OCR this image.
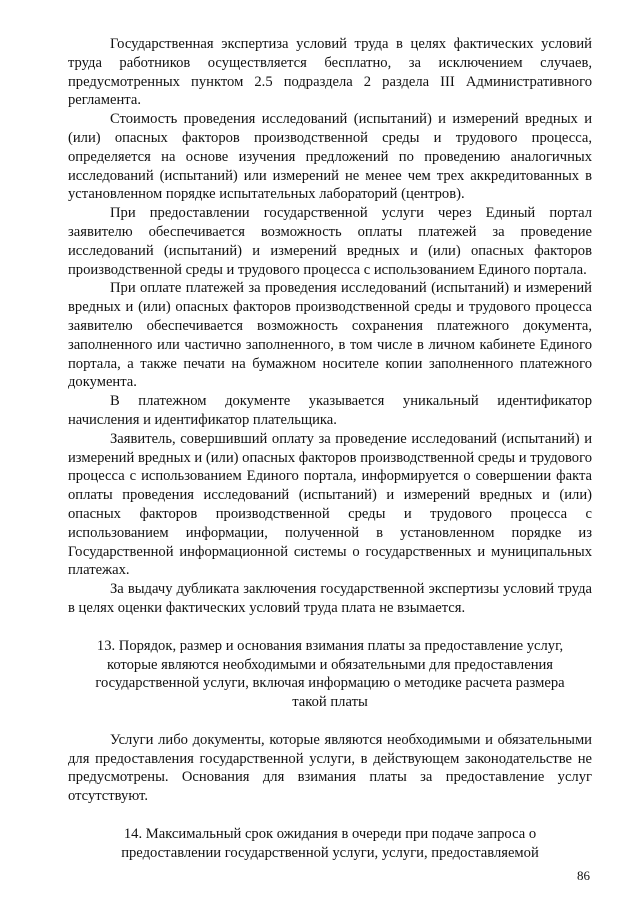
Государственная экспертиза условий труда в целях фактических условий труда работников осуществляется бесплатно, за исключением случаев, предусмотренных пунктом 2.5 подраздела 2 раздела III Административного регламента.

Стоимость проведения исследований (испытаний) и измерений вредных и (или) опасных факторов производственной среды и трудового процесса, определяется на основе изучения предложений по проведению аналогичных исследований (испытаний) или измерений не менее чем трех аккредитованных в установленном порядке испытательных лабораторий (центров).

При предоставлении государственной услуги через Единый портал заявителю обеспечивается возможность оплаты платежей за проведение исследований (испытаний) и измерений вредных и (или) опасных факторов производственной среды и трудового процесса с использованием Единого портала.

При оплате платежей за проведения исследований (испытаний) и измерений вредных и (или) опасных факторов производственной среды и трудового процесса заявителю обеспечивается возможность сохранения платежного документа, заполненного или частично заполненного, в том числе в личном кабинете Единого портала, а также печати на бумажном носителе копии заполненного платежного документа.

В платежном документе указывается уникальный идентификатор начисления и идентификатор плательщика.

Заявитель, совершивший оплату за проведение исследований (испытаний) и измерений вредных и (или) опасных факторов производственной среды и трудового процесса с использованием Единого портала, информируется о совершении факта оплаты проведения исследований (испытаний) и измерений вредных и (или) опасных факторов производственной среды и трудового процесса с использованием информации, полученной в установленном порядке из Государственной информационной системы о государственных и муниципальных платежах.

За выдачу дубликата заключения государственной экспертизы условий труда в целях оценки фактических условий труда плата не взымается.

13. Порядок, размер и основания взимания платы за предоставление услуг, которые являются необходимыми и обязательными для предоставления государственной услуги, включая информацию о методике расчета размера такой платы

Услуги либо документы, которые являются необходимыми и обязательными для предоставления государственной услуги, в действующем законодательстве не предусмотрены. Основания для взимания платы за предоставление услуг отсутствуют.

14. Максимальный срок ожидания в очереди при подаче запроса о предоставлении государственной услуги, услуги, предоставляемой

86
